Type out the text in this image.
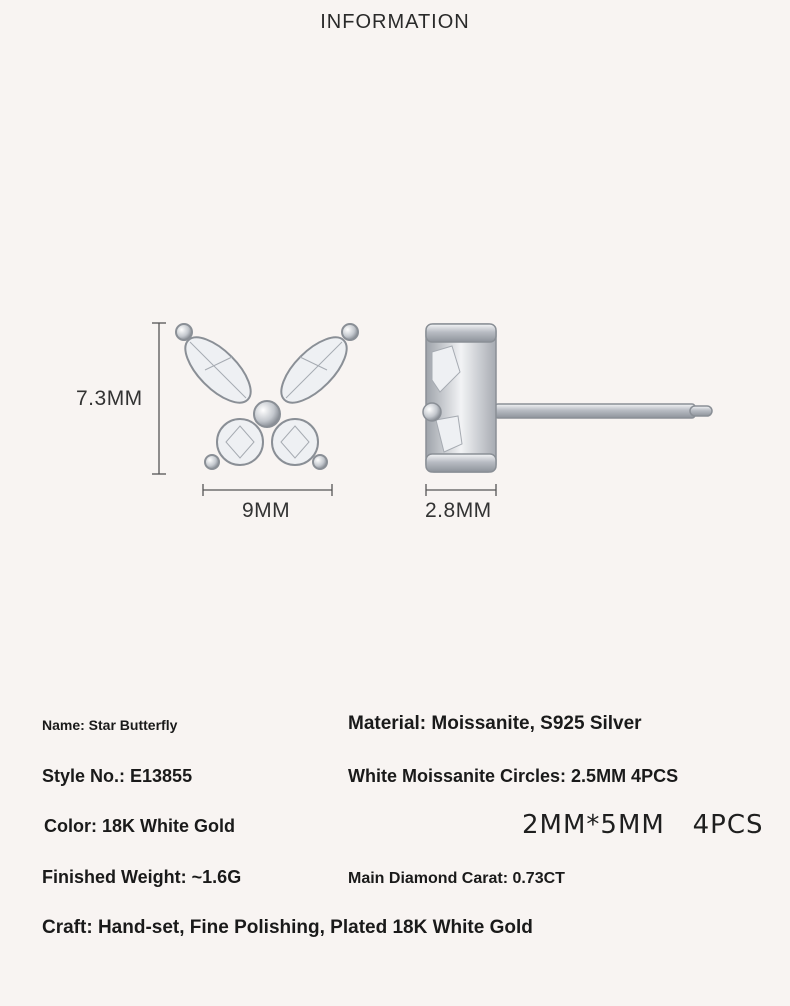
INFORMATION
7.3MM
9MM	2.8MM
Name: Star Butterfly	Material: Moissanite, S925 Silver
Style No.: E13855	White Moissanite Circles: 2.5MM 4PCS
Color: 18K White Gold	2MM*5MM   4PCS
Finished Weight: ~1.6G	Main Diamond Carat: 0.73CT
Craft: Hand-set, Fine Polishing, Plated 18K White Gold
